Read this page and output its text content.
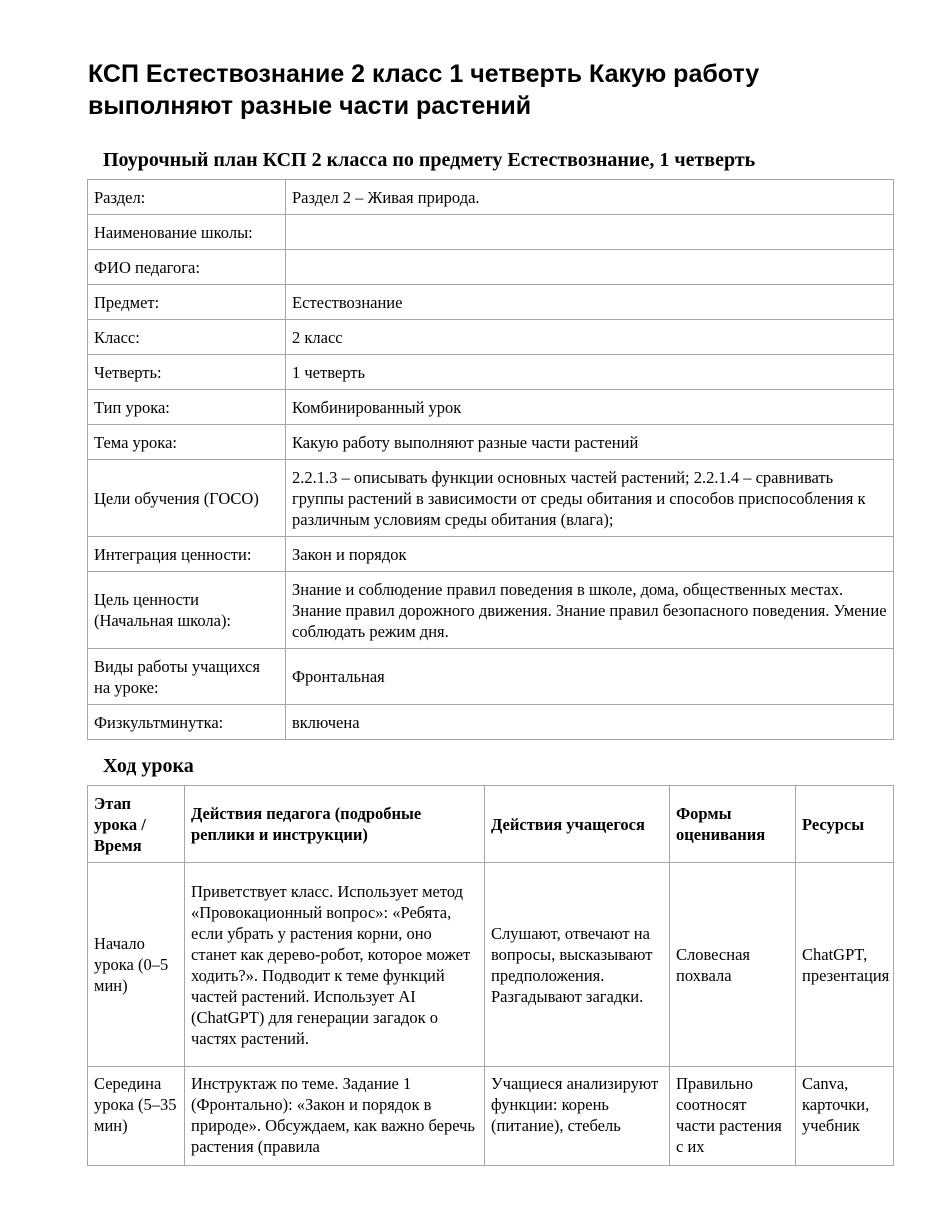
КСП Естествознание 2 класс 1 четверть Какую работу выполняют разные части растений
Поурочный план КСП 2 класса по предмету Естествознание, 1 четверть
Раздел:	Раздел 2 – Живая природа.
Наименование школы:	
ФИО педагога:	
Предмет:	Естествознание
Класс:	2 класс
Четверть:	1 четверть
Тип урока:	Комбинированный урок
Тема урока:	Какую работу выполняют разные части растений
Цели обучения (ГОСО)	2.2.1.3 – описывать функции основных частей растений; 2.2.1.4 – сравнивать группы растений в зависимости от среды обитания и способов приспособления к различным условиям среды обитания (влага);
Интеграция ценности:	Закон и порядок
Цель ценности (Начальная школа):	Знание и соблюдение правил поведения в школе, дома, общественных местах. Знание правил дорожного движения. Знание правил безопасного поведения. Умение соблюдать режим дня.
Виды работы учащихся на уроке:	Фронтальная
Физкультминутка:	включена
Ход урока
Этап урока / Время	Действия педагога (подробные реплики и инструкции)	Действия учащегося	Формы оценивания	Ресурсы
Начало урока (0–5 мин)	Приветствует класс. Использует метод «Провокационный вопрос»: «Ребята, если убрать у растения корни, оно станет как дерево-робот, которое может ходить?». Подводит к теме функций частей растений. Использует AI (ChatGPT) для генерации загадок о частях растений.	Слушают, отвечают на вопросы, высказывают предположения. Разгадывают загадки.	Словесная похвала	ChatGPT, презентация

Середина урока (5–35 мин)	Инструктаж по теме. Задание 1 (Фронтально): «Закон и порядок в природе». Обсуждаем, как важно беречь растения (правила	Учащиеся анализируют функции: корень (питание), стебель	Правильно соотносят части растения с их	Canva, карточки, учебник
